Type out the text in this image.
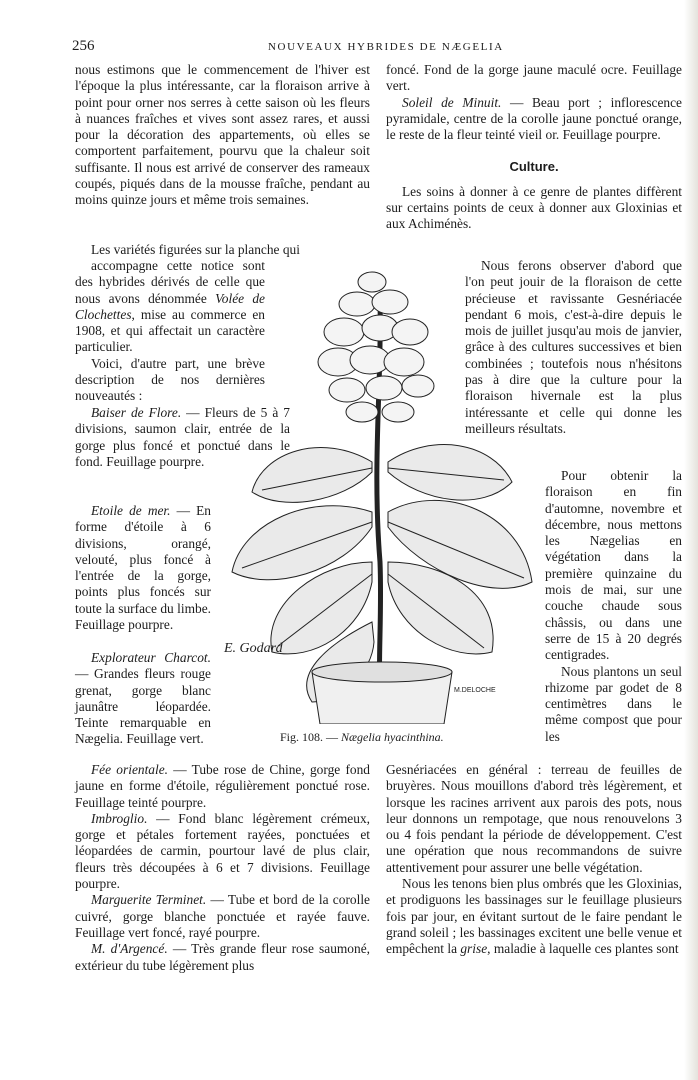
256	NOUVEAUX HYBRIDES DE NÆGELIA

nous estimons que le commencement de l'hiver est l'époque la plus intéressante, car la floraison arrive à point pour orner nos serres à cette saison où les fleurs à nuances fraîches et vives sont assez rares, et aussi pour la décoration des appartements, où elles se comportent parfaitement, pourvu que la chaleur soit suffisante. Il nous est arrivé de conserver des rameaux coupés, piqués dans de la mousse fraîche, pendant au moins quinze jours et même trois semaines.

foncé. Fond de la gorge jaune maculé ocre. Feuillage vert.

Soleil de Minuit. — Beau port ; inflorescence pyramidale, centre de la corolle jaune ponctué orange, le reste de la fleur teinté vieil or. Feuillage pourpre.

Culture.

Les soins à donner à ce genre de plantes diffèrent sur certains points de ceux à donner aux Gloxinias et aux Achiménès.

Les variétés figurées sur la planche qui

accompagne cette notice sont des hybrides dérivés de celle que nous avons dénommée Volée de Clochettes, mise au commerce en 1908, et qui affectait un caractère particulier.

Voici, d'autre part, une brève description de nos dernières nouveautés :

Baiser de Flore. — Fleurs de 5 à 7 divisions, saumon clair, entrée de la gorge plus foncé et ponctué dans le fond. Feuillage pourpre.

Etoile de mer. — En forme d'étoile à 6 divisions, orangé, velouté, plus foncé à l'entrée de la gorge, points plus foncés sur toute la surface du limbe. Feuillage pourpre.

Explorateur Charcot. — Grandes fleurs rouge grenat, gorge blanc jaunâtre léopardée. Teinte remarquable en Nægelia. Feuillage vert.

Nous ferons observer d'abord que l'on peut jouir de la floraison de cette précieuse et ravissante Gesnériacée pendant 6 mois, c'est-à-dire depuis le mois de juillet jusqu'au mois de janvier, grâce à des cultures successives et bien combinées ; toutefois nous n'hésitons pas à dire que la culture pour la floraison hivernale est la plus intéressante et celle qui donne les meilleurs résultats.

Pour obtenir la floraison en fin d'automne, novembre et décembre, nous mettons les Nægelias en végétation dans la première quinzaine du mois de mai, sur une couche chaude sous châssis, ou dans une serre de 15 à 20 degrés centigrades.

Nous plantons un seul rhizome par godet de 8 centimètres dans le même compost que pour les

E. Godard
M.DELOCHE
Fig. 108. — Nægelia hyacinthina.

Fée orientale. — Tube rose de Chine, gorge fond jaune en forme d'étoile, régulièrement ponctué rose. Feuillage teinté pourpre.

Imbroglio. — Fond blanc légèrement crémeux, gorge et pétales fortement rayées, ponctuées et léopardées de carmin, pourtour lavé de plus clair, fleurs très découpées à 6 et 7 divisions. Feuillage pourpre.

Marguerite Terminet. — Tube et bord de la corolle cuivré, gorge blanche ponctuée et rayée fauve. Feuillage vert foncé, rayé pourpre.

M. d'Argencé. — Très grande fleur rose saumoné, extérieur du tube légèrement plus

Gesnériacées en général : terreau de feuilles de bruyères. Nous mouillons d'abord très légèrement, et lorsque les racines arrivent aux parois des pots, nous leur donnons un rempotage, que nous renouvelons 3 ou 4 fois pendant la période de développement. C'est une opération que nous recommandons de suivre attentivement pour assurer une belle végétation.

Nous les tenons bien plus ombrés que les Gloxinias, et prodiguons les bassinages sur le feuillage plusieurs fois par jour, en évitant surtout de le faire pendant le grand soleil ; les bassinages excitent une belle venue et empêchent la grise, maladie à laquelle ces plantes sont
